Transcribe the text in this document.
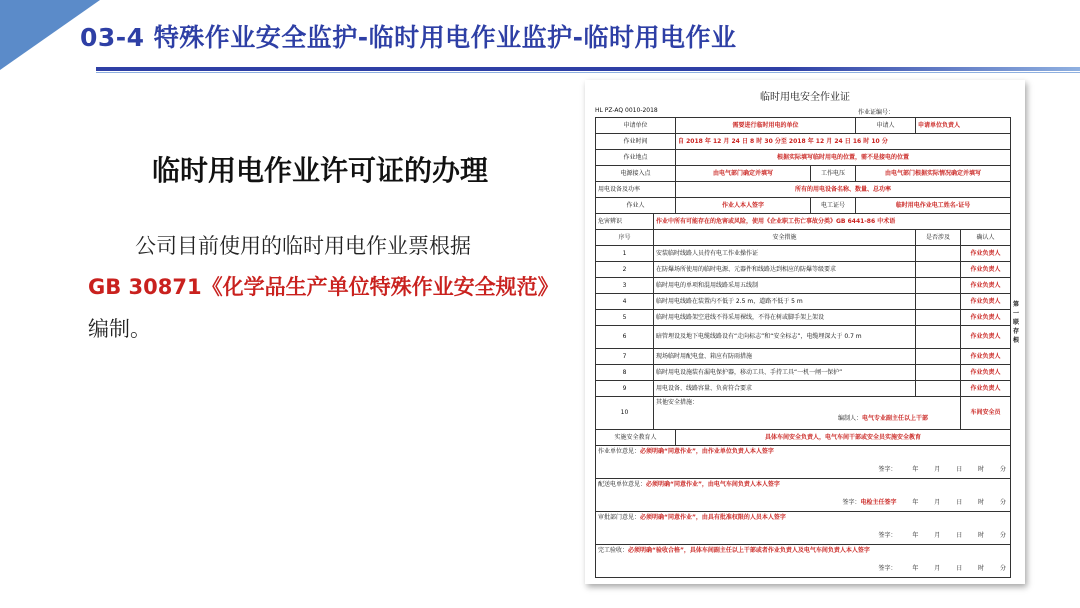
03-4 特殊作业安全监护-临时用电作业监护-临时用电作业
临时用电作业许可证的办理
公司目前使用的临时用电作业票根据
GB 30871《化学品生产单位特殊作业安全规范》
编制。
临时用电安全作业证
HL PZ-AQ 0010-2018	作业证编号：
申请单位		需要进行临时用电的单位		申请人	申请单位负责人	
作业时间		自 2018 年 12 月 24 日 8 时 30 分至 2018 年 12 月 24 日 16 时 10 分				
作业地点		根据实际填写临时用电的位置，需不是接电的位置				
电源接入点		由电气部门确定并填写	工作电压	由电气部门根据实际情况确定并填写		
用电设备及功率		所有的用电设备名称、数量、总功率				
作业人		作业人本人签字	电工证号	临时用电作业电工姓名-证号		
危害辨识	作业中所有可能存在的危害或风险，使用《企业职工伤亡事故分类》GB 6441-86 中术语					
序号	安全措施				是否涉及	确认人
1	安装临时线路人员持有电工作业操作证					作业负责人
2	在防爆场所使用的临时电源、元器件和线路达到相应的防爆等级要求					作业负责人
3	临时用电的单项和混用线路采用五线制					作业负责人
4	临时用电线路在装置内不低于 2.5 m，道路不低于 5 m					作业负责人
5	临时用电线路架空进线不得采用裸线，不得在树或脚手架上架设					作业负责人
6	暗管埋设及地下电缆线路设有“走向标志”和“安全标志”，电缆埋深大于 0.7 m					作业负责人
7	现场临时用配电盘、箱应有防雨措施					作业负责人
8	临时用电设施装有漏电保护器，移动工具、手持工具“一机一闸一保护”					作业负责人
9	用电设备、线路容量、负荷符合要求					作业负责人
10	其他安全措施：
编制人：电气专业副主任以上干部					车间安全员
实施安全教育人		具体车间安全负责人，电气车间干部或安全员实施安全教育				
作业单位意见：必须明确“同意作业”，由作业单位负责人本人签字
签字： 年 月 日 时 分						

配送电单位意见：必须明确“同意作业”，由电气车间负责人本人签字
签字：电检主任签字 年 月 日 时 分						

审批部门意见：必须明确“同意作业”，由具有批准权限的人员本人签字
签字： 年 月 日 时 分						

完工验收：必须明确“验收合格”，具体车间副主任以上干部或者作业负责人及电气车间负责人本人签字
签字： 年 月 日 时 分						
第一联 存根
